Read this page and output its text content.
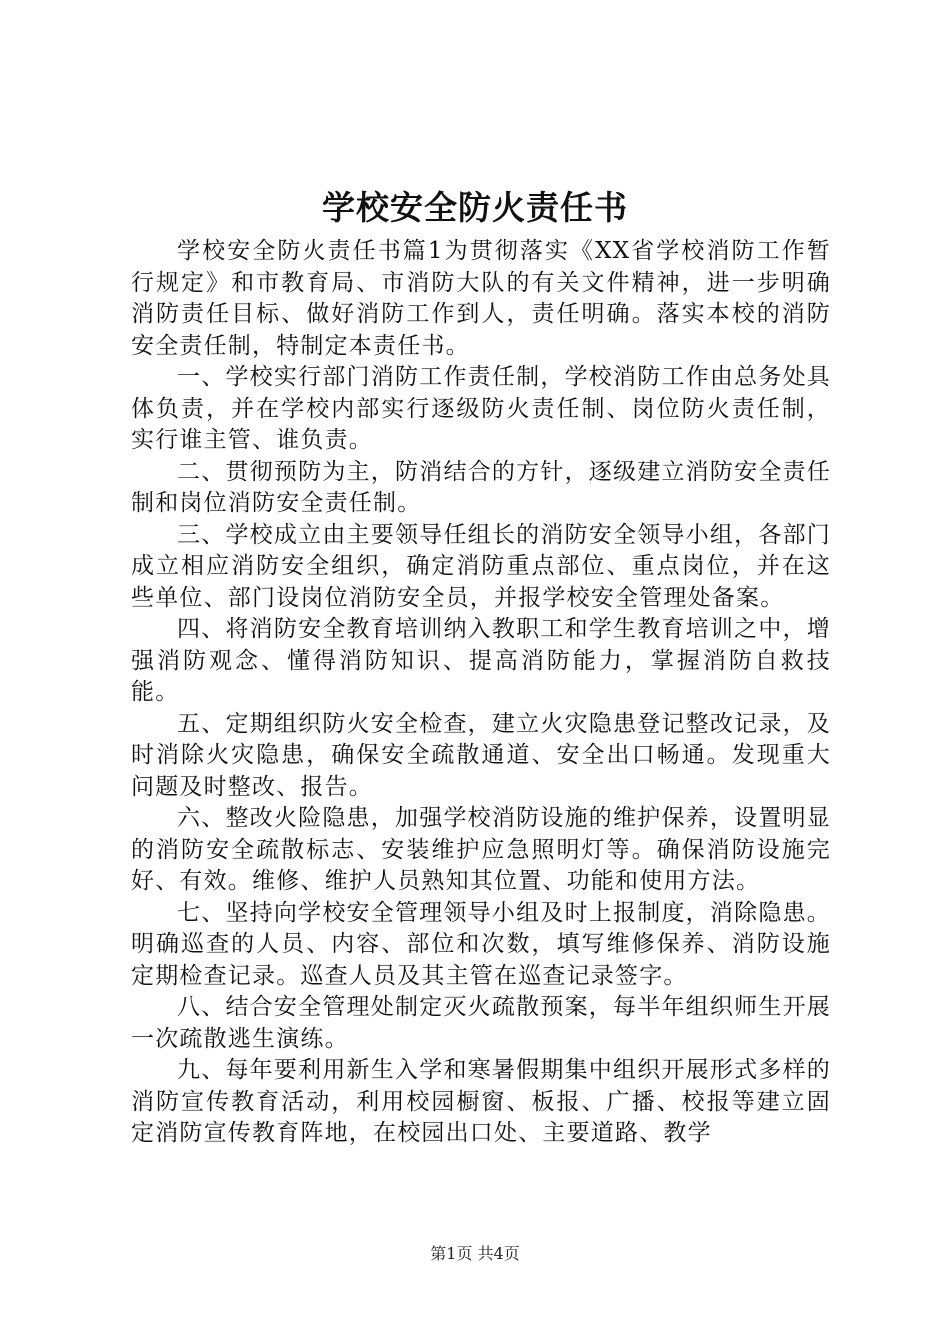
学校安全防火责任书

学校安全防火责任书篇1为贯彻落实《XX省学校消防工作暂行规定》和市教育局、市消防大队的有关文件精神，进一步明确消防责任目标、做好消防工作到人，责任明确。落实本校的消防安全责任制，特制定本责任书。

一、学校实行部门消防工作责任制，学校消防工作由总务处具体负责，并在学校内部实行逐级防火责任制、岗位防火责任制，实行谁主管、谁负责。

二、贯彻预防为主，防消结合的方针，逐级建立消防安全责任制和岗位消防安全责任制。

三、学校成立由主要领导任组长的消防安全领导小组，各部门成立相应消防安全组织，确定消防重点部位、重点岗位，并在这些单位、部门设岗位消防安全员，并报学校安全管理处备案。

四、将消防安全教育培训纳入教职工和学生教育培训之中，增强消防观念、懂得消防知识、提高消防能力，掌握消防自救技能。

五、定期组织防火安全检查，建立火灾隐患登记整改记录，及时消除火灾隐患，确保安全疏散通道、安全出口畅通。发现重大问题及时整改、报告。

六、整改火险隐患，加强学校消防设施的维护保养，设置明显的消防安全疏散标志、安装维护应急照明灯等。确保消防设施完好、有效。维修、维护人员熟知其位置、功能和使用方法。

七、坚持向学校安全管理领导小组及时上报制度，消除隐患。明确巡查的人员、内容、部位和次数，填写维修保养、消防设施定期检查记录。巡查人员及其主管在巡查记录签字。

八、结合安全管理处制定灭火疏散预案，每半年组织师生开展一次疏散逃生演练。

九、每年要利用新生入学和寒暑假期集中组织开展形式多样的消防宣传教育活动，利用校园橱窗、板报、广播、校报等建立固定消防宣传教育阵地，在校园出口处、主要道路、教学

第1页 共4页
